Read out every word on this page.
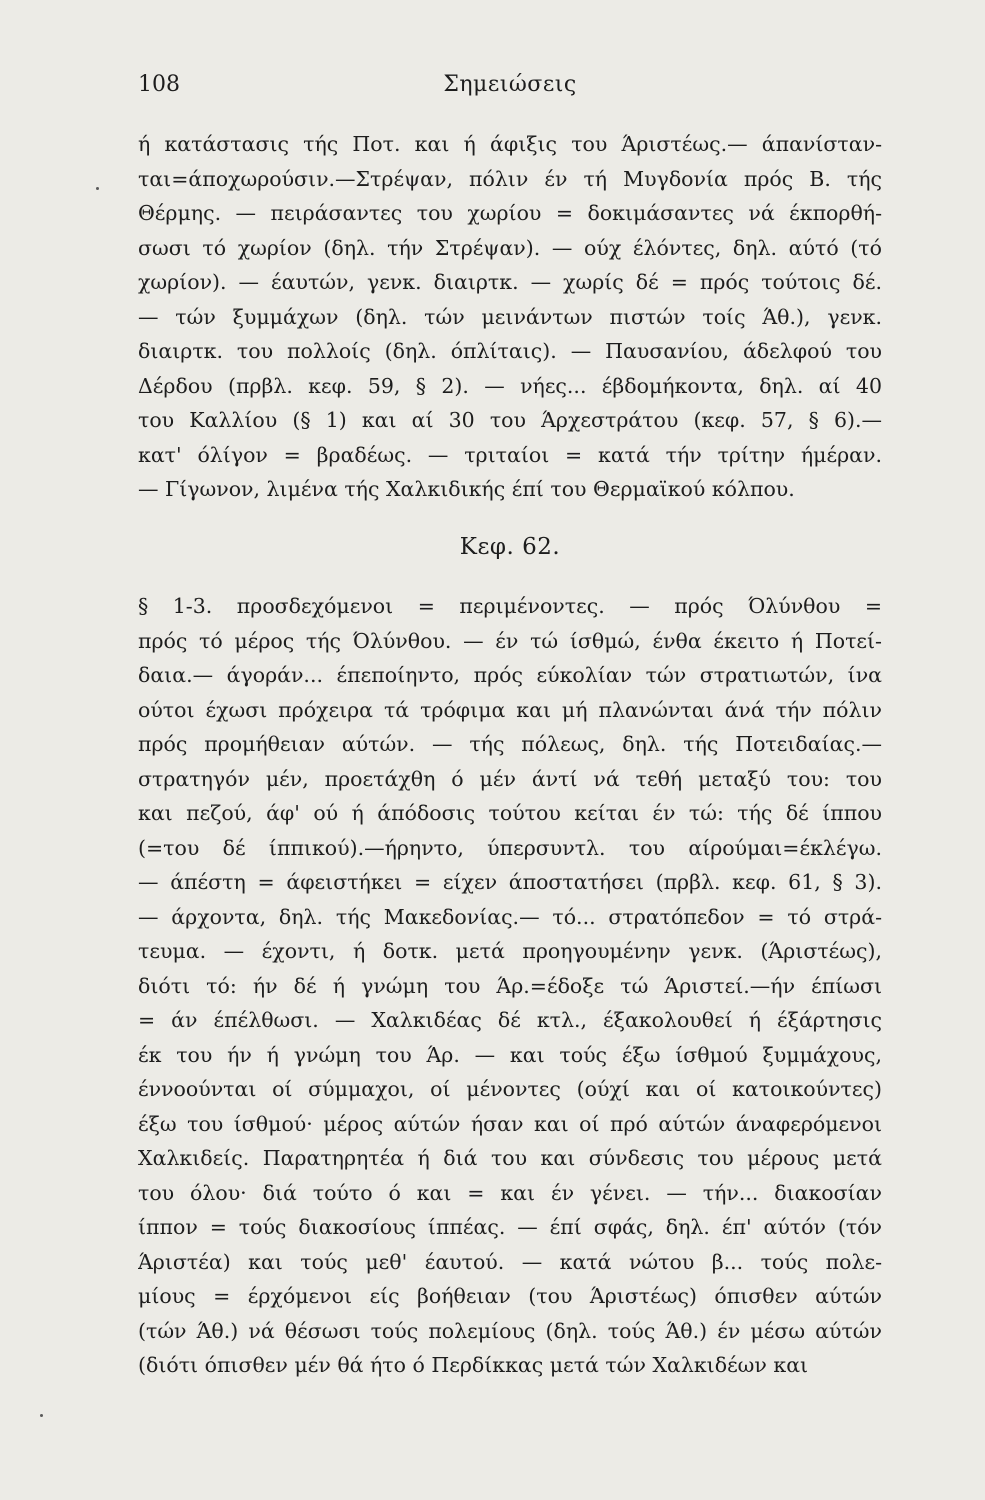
108	Σημειώσεις
ή κατάστασις τής Ποτ. και ή άφιξις του Άριστέως.— άπανίσταν-
ται=άποχωρούσιν.—Στρέψαν, πόλιν έν τή Μυγδονία πρός Β. τής
Θέρμης. — πειράσαντες του χωρίου = δοκιμάσαντες νά έκπορθή-
σωσι τό χωρίον (δηλ. τήν Στρέψαν). — ούχ έλόντες, δηλ. αύτό (τό
χωρίον). — έαυτών, γενκ. διαιρτκ. — χωρίς δέ = πρός τούτοις δέ.
— τών ξυμμάχων (δηλ. τών μεινάντων πιστών τοίς Άθ.), γενκ.
διαιρτκ. του πολλοίς (δηλ. όπλίταις). — Παυσανίου, άδελφού του
Δέρδου (πρβλ. κεφ. 59, § 2). — νήες... έβδομήκοντα, δηλ. αί 40
του Καλλίου (§ 1) και αί 30 του Άρχεστράτου (κεφ. 57, § 6).—
κατ' όλίγον = βραδέως. — τριταίοι = κατά τήν τρίτην ήμέραν.
— Γίγωνον, λιμένα τής Χαλκιδικής έπί του Θερμαϊκού κόλπου.
Κεφ. 62.
§ 1-3. προσδεχόμενοι = περιμένοντες. — πρός Όλύνθου =
πρός τό μέρος τής Όλύνθου. — έν τώ ίσθμώ, ένθα έκειτο ή Ποτεί-
δαια.— άγοράν... έπεποίηντο, πρός εύκολίαν τών στρατιωτών, ίνα
ούτοι έχωσι πρόχειρα τά τρόφιμα και μή πλανώνται άνά τήν πόλιν
πρός προμήθειαν αύτών. — τής πόλεως, δηλ. τής Ποτειδαίας.—
στρατηγόν μέν, προετάχθη ό μέν άντί νά τεθή μεταξύ του: του
και πεζού, άφ' ού ή άπόδοσις τούτου κείται έν τώ: τής δέ ίππου
(=του δέ ίππικού).—ήρηντο, ύπερσυντλ. του αίρούμαι=έκλέγω.
— άπέστη = άφειστήκει = είχεν άποστατήσει (πρβλ. κεφ. 61, § 3).
— άρχοντα, δηλ. τής Μακεδονίας.— τό... στρατόπεδον = τό στρά-
τευμα. — έχοντι, ή δοτκ. μετά προηγουμένην γενκ. (Άριστέως),
διότι τό: ήν δέ ή γνώμη του Άρ.=έδοξε τώ Άριστεί.—ήν έπίωσι
= άν έπέλθωσι. — Χαλκιδέας δέ κτλ., έξακολουθεί ή έξάρτησις
έκ του ήν ή γνώμη του Άρ. — και τούς έξω ίσθμού ξυμμάχους,
έννοούνται οί σύμμαχοι, οί μένοντες (ούχί και οί κατοικούντες)
έξω του ίσθμού· μέρος αύτών ήσαν και οί πρό αύτών άναφερόμενοι
Χαλκιδείς. Παρατηρητέα ή διά του και σύνδεσις του μέρους μετά
του όλου· διά τούτο ό και = και έν γένει. — τήν... διακοσίαν
ίππον = τούς διακοσίους ίππέας. — έπί σφάς, δηλ. έπ' αύτόν (τόν
Άριστέα) και τούς μεθ' έαυτού. — κατά νώτου β... τούς πολε-
μίους = έρχόμενοι είς βοήθειαν (του Άριστέως) όπισθεν αύτών
(τών Άθ.) νά θέσωσι τούς πολεμίους (δηλ. τούς Άθ.) έν μέσω αύτών
(διότι όπισθεν μέν θά ήτο ό Περδίκκας μετά τών Χαλκιδέων και
